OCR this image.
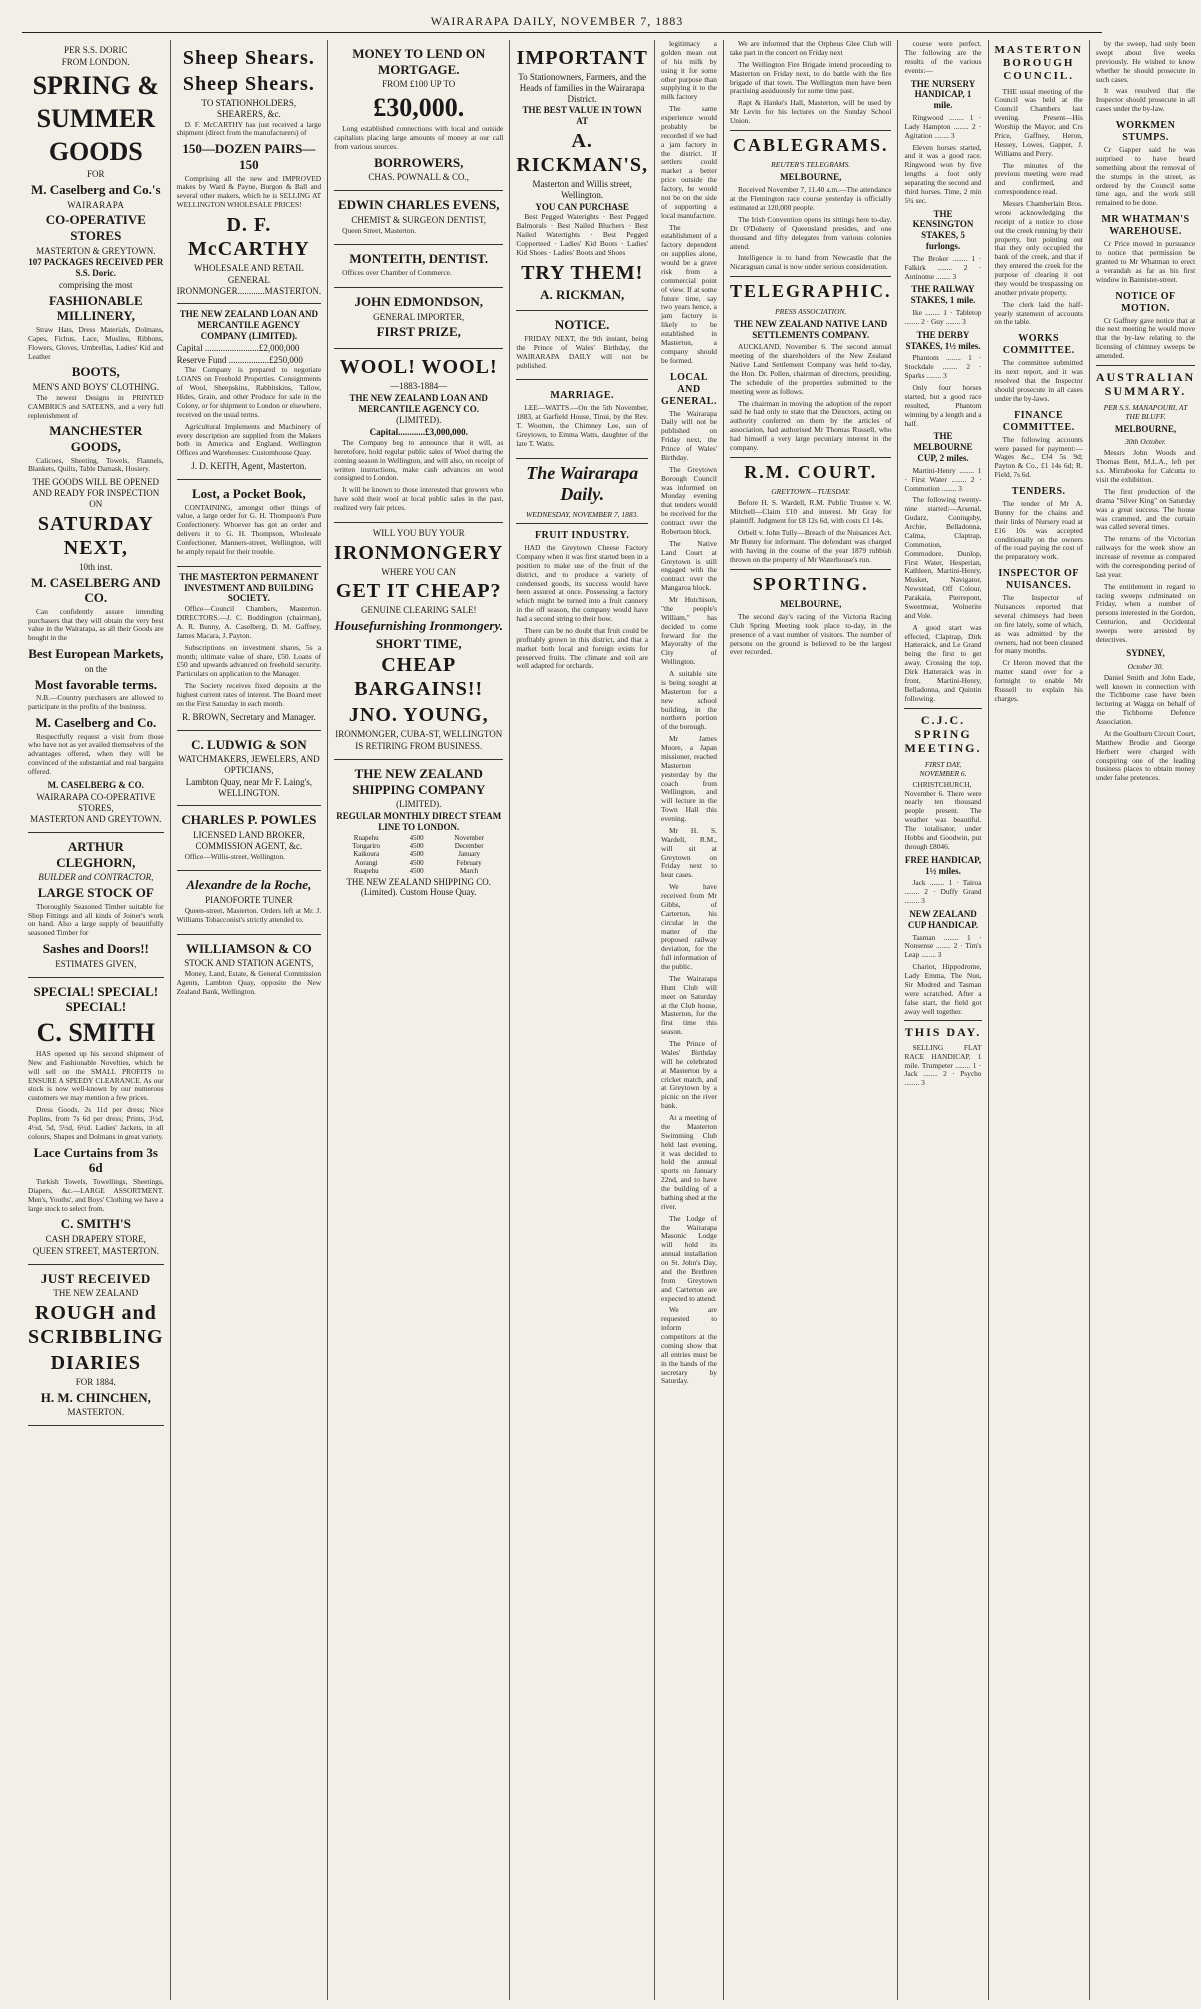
WAIRARAPA DAILY, NOVEMBER 7, 1883
PER S.S. DORIC
FROM LONDON.
SPRING &
SUMMER
GOODS
FOR
M. Caselberg and Co.'s
WAIRARAPA
CO-OPERATIVE STORES
MASTERTON & GREYTOWN.
107 PACKAGES RECEIVED PER S.S. Doric.
comprising the most
FASHIONABLE MILLINERY,
Straw Hats, Dress Materials, Dolmans, Capes, Fichus, Lace, Muslins, Ribbons, Flowers, Gloves, Umbrellas, Ladies' Kid and Leather
BOOTS,
MEN'S AND BOYS' CLOTHING.
The newest Designs in PRINTED CAMBRICS and SATEENS, and a very full replenishment of
MANCHESTER GOODS,
Calicoes, Sheeting, Towels, Flannels, Blankets, Quilts, Table Damask, Hosiery.
THE GOODS WILL BE OPENED AND READY FOR INSPECTION ON
SATURDAY NEXT,
10th inst.
M. CASELBERG AND CO.
Can confidently assure intending purchasers that they will obtain the very best value in the Wairarapa, as all their Goods are bought in the
Best European Markets,
on the
Most favorable terms.
N.B.—Country purchasers are allowed to participate in the profits of the business.
M. Caselberg and Co.
Respectfully request a visit from those who have not as yet availed themselves of the advantages offered, when they will be convinced of the substantial and real bargains offered.
M. CASELBERG & CO.
WAIRARAPA CO-OPERATIVE STORES,
MASTERTON AND GREYTOWN.
ARTHUR CLEGHORN,
BUILDER and CONTRACTOR,
LARGE STOCK OF
Thoroughly Seasoned Timber suitable for Shop Fittings and all kinds of Joiner's work on hand. Also a large supply of beautifully seasoned Timber for
Sashes and Doors!!
ESTIMATES GIVEN,
SPECIAL! SPECIAL! SPECIAL!
C. SMITH
HAS opened up his second shipment of New and Fashionable Novelties, which he will sell on the SMALL PROFITS to ENSURE A SPEEDY CLEARANCE. As our stock is now well-known by our numerous customers we may mention a few prices.
Dress Goods, 2s 11d per dress; Nice Poplins, from 7s 6d per dress; Prints, 3½d, 4½d, 5d, 5½d, 6½d. Ladies' Jackets, in all colours, Shapes and Dolmans in great variety.
Lace Curtains from 3s 6d
Turkish Towels, Towellings, Sheetings, Diapers, &c.—LARGE ASSORTMENT. Men's, Youths', and Boys' Clothing we have a large stock to select from.
C. SMITH'S
CASH DRAPERY STORE,
QUEEN STREET, MASTERTON.
JUST RECEIVED
THE NEW ZEALAND
ROUGH and SCRIBBLING
DIARIES
FOR 1884.
H. M. CHINCHEN,
MASTERTON.
Sheep Shears.
Sheep Shears.
TO STATIONHOLDERS, SHEARERS, &c.
D. F. McCARTHY has just received a large shipment (direct from the manufacturers) of
150—DOZEN PAIRS—150
Comprising all the new and IMPROVED makes by Ward & Payne, Burgon & Ball and several other makers, which he is SELLING AT WELLINGTON WHOLESALE PRICES!
D. F. McCARTHY
WHOLESALE AND RETAIL
GENERAL IRONMONGER............MASTERTON.
THE NEW ZEALAND LOAN AND MERCANTILE AGENCY COMPANY (LIMITED).
Capital ........................£2,000,000
Reserve Fund ..................£250,000
The Company is prepared to negotiate LOANS on Freehold Properties. Consignments of Wool, Sheepskins, Rabbitskins, Tallow, Hides, Grain, and other Produce for sale in the Colony, or for shipment to London or elsewhere, received on the usual terms.
Agricultural Implements and Machinery of every description are supplied from the Makers both in America and England. Wellington Offices and Warehouses: Customhouse Quay.
J. D. KEITH, Agent, Masterton.
Lost, a Pocket Book,
CONTAINING, amongst other things of value, a large order for G. H. Thompson's Pure Confectionery. Whoever has got an order and delivers it to G. H. Thompson, Wholesale Confectioner, Manners-street, Wellington, will be amply repaid for their trouble.
THE MASTERTON PERMANENT INVESTMENT AND BUILDING SOCIETY.
Office—Council Chambers, Masterton. DIRECTORS.—J. C. Boddington (chairman), A. R. Bunny, A. Caselberg, D. M. Gaffney, James Macara, J. Payton.
Subscriptions on investment shares, 5s a month; ultimate value of share, £50. Loans of £50 and upwards advanced on freehold security. Particulars on application to the Manager.
The Society receives fixed deposits at the highest current rates of interest. The Board meet on the First Saturday in each month.
R. BROWN, Secretary and Manager.
C. LUDWIG & SON
WATCHMAKERS, JEWELERS, AND OPTICIANS,
Lambton Quay, near Mr F. Laing's, WELLINGTON.
CHARLES P. POWLES
LICENSED LAND BROKER, COMMISSION AGENT, &c.
Office—Willis-street, Wellington.
Alexandre de la Roche,
PIANOFORTE TUNER
Queen-street, Masterton. Orders left at Mr. J. Williams Tobacconist's strictly attended to.
WILLIAMSON & CO
STOCK AND STATION AGENTS,
Money, Land, Estate, & General Commission Agents, Lambton Quay, opposite the New Zealand Bank, Wellington.
MONEY TO LEND ON MORTGAGE.
FROM £100 UP TO
£30,000.
Long established connections with local and outside capitalists placing large amounts of money at our call from various sources.
BORROWERS,
CHAS. POWNALL & CO.,
EDWIN CHARLES EVENS,
CHEMIST & SURGEON DENTIST,
Queen Street, Masterton.
MONTEITH, DENTIST.
Offices over Chamber of Commerce.
JOHN EDMONDSON,
GENERAL IMPORTER,
FIRST PRIZE,
WOOL! WOOL!
—1883-1884—
THE NEW ZEALAND LOAN AND MERCANTILE AGENCY CO.
(LIMITED).
Capital............£3,000,000.
The Company beg to announce that it will, as heretofore, hold regular public sales of Wool during the coming season in Wellington, and will also, on receipt of written instructions, make cash advances on wool consigned to London.
It will be known to those interested that growers who have sold their wool at local public sales in the past, realized very fair prices.
WILL YOU BUY YOUR
IRONMONGERY
WHERE YOU CAN
GET IT CHEAP?
GENUINE CLEARING SALE!
Housefurnishing Ironmongery.
SHORT TIME,
CHEAP BARGAINS!!
JNO. YOUNG,
IRONMONGER, CUBA-ST, WELLINGTON
IS RETIRING FROM BUSINESS.
THE NEW ZEALAND SHIPPING COMPANY
(LIMITED).
REGULAR MONTHLY DIRECT STEAM LINE TO LONDON.
Ruapehu	4500	November
Tongariro	4500	December
Kaikoura	4500	January
Aorangi	4500	February
Ruapehu	4500	March
THE NEW ZEALAND SHIPPING CO. (Limited). Custom House Quay.
IMPORTANT
To Stationowners, Farmers, and the Heads of families in the Wairarapa District.
THE BEST VALUE IN TOWN AT
A. RICKMAN'S,
Masterton and Willis street, Wellington.
YOU CAN PURCHASE
Best Pegged Waterights · Best Pegged Balmorals · Best Nailed Bluchers · Best Nailed Watertights · Best Pegged Copperteed · Ladies' Kid Boots · Ladies' Kid Shoes · Ladies' Boots and Shoes
TRY THEM!
A. RICKMAN,
NOTICE.
FRIDAY NEXT, the 9th instant, being the Prince of Wales' Birthday, the WAIRARAPA DAILY will not be published.
MARRIAGE.
LEE—WATTS.—On the 5th November, 1883, at Garfield House, Tinui, by the Rev. T. Wootten, the Chimney Lee, son of Greytown, to Emma Watts, daughter of the late T. Watts.
The Wairarapa Daily.
WEDNESDAY, NOVEMBER 7, 1883.
FRUIT INDUSTRY.
HAD the Greytown Cheese Factory Company when it was first started been in a position to make use of the fruit of the district, and to produce a variety of condensed goods, its success would have been assured at once. Possessing a factory which might be turned into a fruit cannery in the off season, the company would have had a second string to their bow.
There can be no doubt that fruit could be profitably grown in this district, and that a market both local and foreign exists for preserved fruits. The climate and soil are well adapted for orchards.
legitimacy a golden mean out of his milk by using it for some other purpose than supplying it to the milk factory
The same experience would probably be recorded if we had a jam factory in the district. If settlers could market a better price outside the factory, he would not be on the side of supporting a local manufacture.
The establishment of a factory dependent on supplies alone, would be a grave risk from a commercial point of view. If at some future time, say two years hence, a jam factory is likely to be established in Masterton, a company should be formed.
LOCAL AND GENERAL.
The Wairarapa Daily will not be published on Friday next, the Prince of Wales' Birthday.
The Greytown Borough Council was informed on Monday evening that tenders would be received for the contract over the Robertson block.
The Native Land Court at Greytown is still engaged with the contract over the Mangaroa block.
Mr Hutchison, "the people's William," has decided to come forward for the Mayoralty of the City of Wellington.
A suitable site is being sought at Masterton for a new school building, in the northern portion of the borough.
Mr James Moore, a Japan missioner, reached Masterton yesterday by the coach from Wellington, and will lecture in the Town Hall this evening.
Mr H. S. Wardell, R.M., will sit at Greytown on Friday next to hear cases.
We have received from Mr Gibbs, of Carterton, his circular in the matter of the proposed railway deviation, for the full information of the public.
The Wairarapa Hunt Club will meet on Saturday at the Club house, Masterton, for the first time this season.
The Prince of Wales' Birthday will be celebrated at Masterton by a cricket match, and at Greytown by a picnic on the river bank.
At a meeting of the Masterton Swimming Club held last evening, it was decided to hold the annual sports on January 22nd, and to have the building of a bathing shed at the river.
The Lodge of the Wairarapa Masonic Lodge will hold its annual installation on St. John's Day, and the Brethren from Greytown and Carterton are expected to attend.
We are requested to inform competitors at the coming show that all entries must be in the hands of the secretary by Saturday.
We are informed that the Orpheus Glee Club will take part in the concert on Friday next
The Wellington Fire Brigade intend proceeding to Masterton on Friday next, to do battle with the fire brigade of that town. The Wellington men have been practising assiduously for some time past.
Rapt & Hanke's Hall, Masterton, will be used by Mr Levin for his lectures on the Sunday School Union.
CABLEGRAMS.
REUTER'S TELEGRAMS.
MELBOURNE,
Received November 7, 11.40 a.m.—The attendance at the Flemington race course yesterday is officially estimated at 120,000 people.
The Irish Convention opens its sittings here to-day. Dr O'Doherty of Queensland presides, and one thousand and fifty delegates from various colonies attend.
Intelligence is to hand from Newcastle that the Nicaraguan canal is now under serious consideration.
TELEGRAPHIC.
PRESS ASSOCIATION.
THE NEW ZEALAND NATIVE LAND SETTLEMENTS COMPANY.
AUCKLAND, November 6. The second annual meeting of the shareholders of the New Zealand Native Land Settlement Company was held to-day, the Hon. Dr. Pollen, chairman of directors, presiding. The schedule of the properties submitted to the meeting were as follows.
The chairman in moving the adoption of the report said he had only to state that the Directors, acting on authority conferred on them by the articles of association, had authorised Mr Thomas Russell, who had himself a very large pecuniary interest in the company.
R.M. COURT.
GREYTOWN—TUESDAY.
Before H. S. Wardell, R.M. Public Trustee v. W. Mitchell—Claim £10 and interest. Mr Gray for plaintiff. Judgment for £8 12s 6d, with costs £1 14s.
Orbell v. John Tully—Breach of the Nuisances Act. Mr Bunny for informant. The defendant was charged with having in the course of the year 1879 rubbish thrown on the property of Mr Waterhouse's run.
SPORTING.
MELBOURNE,
The second day's racing of the Victoria Racing Club Spring Meeting took place to-day, in the presence of a vast number of visitors. The number of persons on the ground is believed to be the largest ever recorded.
course were perfect. The following are the results of the various events:—
THE NURSERY HANDICAP, 1 mile.
Ringwood ........ 1 · Lady Hampton ........ 2 · Agitation ........ 3
Eleven horses started, and it was a good race. Ringwood won by five lengths a foot only separating the second and third horses. Time, 2 min 5¼ sec.
THE KENSINGTON STAKES, 5 furlongs.
The Broker ........ 1 · Falkirk ........ 2 · Antinome ........ 3
THE RAILWAY STAKES, 1 mile.
Ike ........ 1 · Tabletop ........ 2 · Guy ........ 3
THE DERBY STAKES, 1½ miles.
Phantom ........ 1 · Stockdale ........ 2 · Sparks ........ 3
Only four horses started, but a good race resulted, Phantom winning by a length and a half.
THE MELBOURNE CUP, 2 miles.
Martini-Henry ........ 1 · First Water ........ 2 · Commotion ........ 3
The following twenty-nine started:—Arsenal, Gudarz, Coningsby, Archie, Belladonna, Calma, Claptrap, Commotion, Commodore, Dunlop, First Water, Hesperian, Kathleen, Martini-Henry, Musket, Navigator, Newstead, Off Colour, Parakaia, Pierrepont, Sweetmeat, Wolnerite and Vole.
A good start was effected, Claptrap, Dirk Hatteraick, and Le Grand being the first to get away. Crossing the top, Dirk Hatteraick was in front, Martini-Henry, Belladonna, and Quintin following.
C.J.C. SPRING MEETING.
FIRST DAY, NOVEMBER 6.
CHRISTCHURCH, November 6. There were nearly ten thousand people present. The weather was beautiful. The totalisator, under Hobbs and Goodwin, put through £8046.
FREE HANDICAP, 1½ miles.
Jack ........ 1 · Tairoa ........ 2 · Duffy Grand ........ 3
NEW ZEALAND CUP HANDICAP.
Tasman ........ 1 · Nonsense ........ 2 · Tim's Leap ........ 3
Chariot, Hippodrome, Lady Emma, The Nun, Sir Modred and Tasman were scratched. After a false start, the field got away well together.
THIS DAY.
SELLING FLAT RACE HANDICAP, 1 mile. Trumpeter ........ 1 · Jack ........ 2 · Psycho ........ 3
MASTERTON BOROUGH COUNCIL.
THE usual meeting of the Council was held at the Council Chambers last evening. Present—His Worship the Mayor, and Crs Price, Gaffney, Heron, Hessey, Lowes, Gapper, J. Williams and Perry.
The minutes of the previous meeting were read and confirmed, and correspondence read.
Messrs Chamberlain Bros. wrote acknowledging the receipt of a notice to close out the creek running by their property, but pointing out that they only occupied the bank of the creek, and that if they entered the creek for the purpose of clearing it out they would be trespassing on another private property.
The clerk laid the half-yearly statement of accounts on the table.
WORKS COMMITTEE.
The committee submitted its next report, and it was resolved that the Inspector should prosecute in all cases under the by-laws.
FINANCE COMMITTEE.
The following accounts were passed for payment:—Wages &c., £34 5s 9d; Payton & Co., £1 14s 6d; R. Field, 7s 6d.
TENDERS.
The tender of Mr A. Bunny for the chains and their links of Nursery road at £16 10s was accepted conditionally on the owners of the road paying the cost of the preparatory work.
INSPECTOR OF NUISANCES.
The Inspector of Nuisances reported that several chimneys had been on fire lately, some of which, as was admitted by the owners, had not been cleaned for many months.
Cr Heron moved that the matter stand over for a fortnight to enable Mr Russell to explain his charges.
by the sweep, had only been swept about five weeks previously. He wished to know whether he should prosecute in such cases.
It was resolved that the Inspector should prosecute in all cases under the by-law.
WORKMEN STUMPS.
Cr Gapper said he was surprised to have heard something about the removal of the stumps in the street, as ordered by the Council some time ago, and the work still remained to be done.
MR WHATMAN'S WAREHOUSE.
Cr Price moved in pursuance to notice that permission be granted to Mr Whatman to erect a verandah as far as his first window in Bannister-street.
NOTICE OF MOTION.
Cr Gaffney gave notice that at the next meeting he would move that the by-law relating to the licensing of chimney sweeps be amended.
AUSTRALIAN SUMMARY.
PER S.S. MANAPOURI, AT THE BLUFF.
MELBOURNE,
30th October.
Messrs John Woods and Thomas Bent, M.L.A., left per s.s. Mirrabooka for Calcutta to visit the exhibition.
The first production of the drama "Silver King" on Saturday was a great success. The house was crammed, and the curtain was called several times.
The returns of the Victorian railways for the week show an increase of revenue as compared with the corresponding period of last year.
The entitlement in regard to racing sweeps culminated on Friday, when a number of persons interested in the Gordon, Centurion, and Occidental sweeps were arrested by detectives.
SYDNEY,
October 30.
Daniel Smith and John Eade, well known in connection with the Tichborne case have been lecturing at Wagga on behalf of the Tichborne Defence Association.
At the Goulburn Circuit Court, Matthew Brodie and George Herbert were charged with conspiring one of the leading business places to obtain money under false pretences.
